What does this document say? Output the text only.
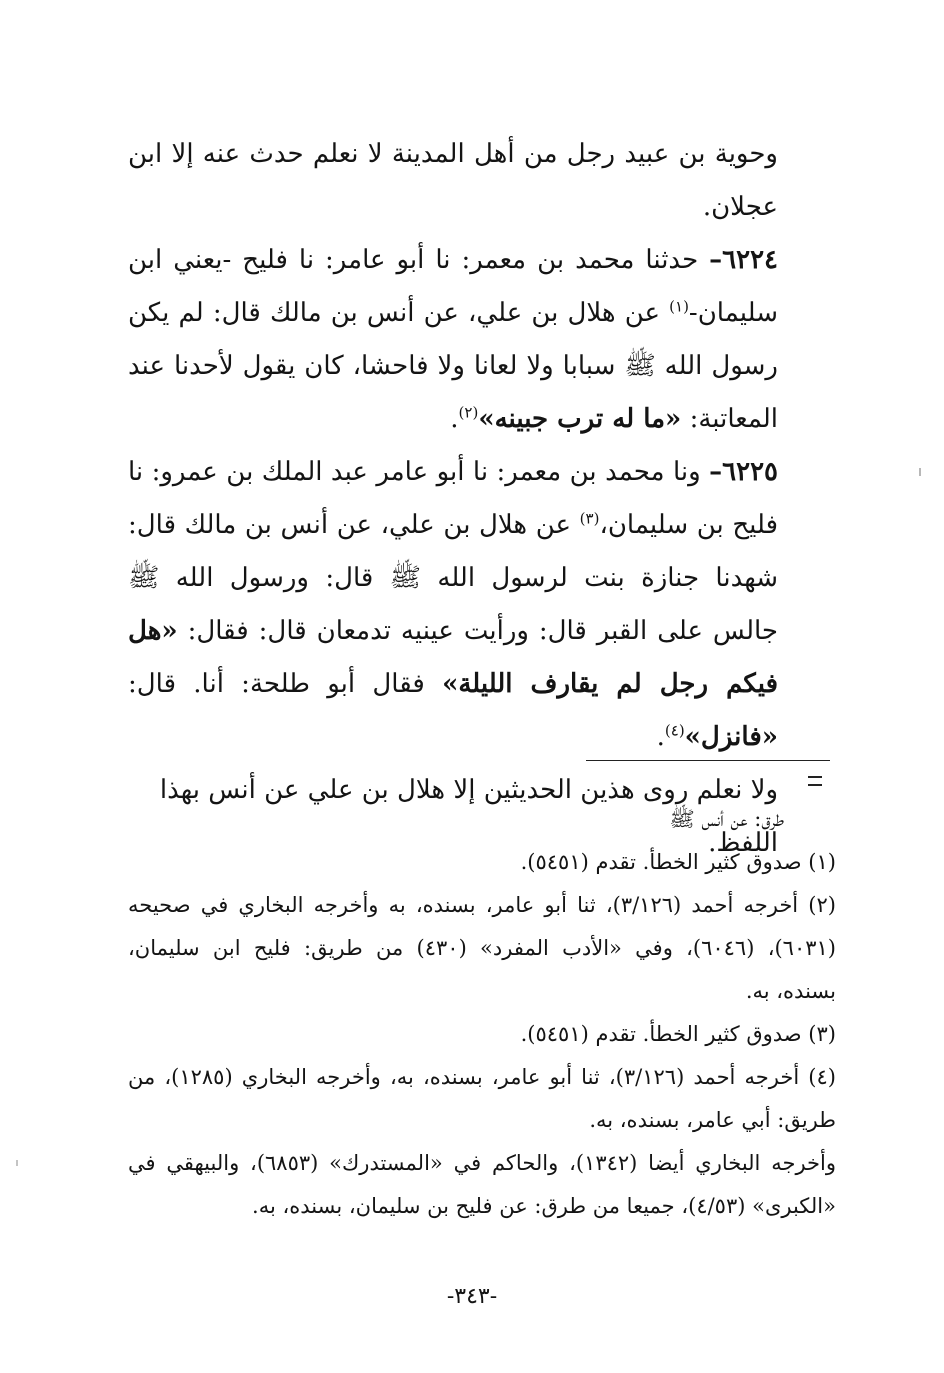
وحوية بن عبيد رجل من أهل المدينة لا نعلم حدث عنه إلا ابن عجلان.

٦٢٢٤– حدثنا محمد بن معمر: نا أبو عامر: نا فليح -يعني ابن سليمان-$^{(١)}$ عن هلال بن علي، عن أنس بن مالك قال: لم يكن رسول الله ﷺ سبابا ولا لعانا ولا فاحشا، كان يقول لأحدنا عند المعاتبة: «ما له ترب جبينه»$^{(٢)}$.

٦٢٢٥– ونا محمد بن معمر: نا أبو عامر عبد الملك بن عمرو: نا فليح بن سليمان،$^{(٣)}$ عن هلال بن علي، عن أنس بن مالك قال: شهدنا جنازة بنت لرسول الله ﷺ قال: ورسول الله ﷺ جالس على القبر قال: ورأيت عينيه تدمعان قال: فقال: «هل فيكم رجل لم يقارف الليلة» فقال أبو طلحة: أنا. قال: «فانزل»$^{(٤)}$.

ولا نعلم روى هذين الحديثين إلا هلال بن علي عن أنس بهذا اللفظ.

طرق: عن أنس ﷺ

(١) صدوق كثير الخطأ. تقدم (٥٤٥١).

(٢) أخرجه أحمد (٣/١٢٦)، ثنا أبو عامر، بسنده، به وأخرجه البخاري في صحيحه (٦٠٣١)، (٦٠٤٦)، وفي «الأدب المفرد» (٤٣٠) من طريق: فليح ابن سليمان، بسنده، به.

(٣) صدوق كثير الخطأ. تقدم (٥٤٥١).

(٤) أخرجه أحمد (٣/١٢٦)، ثنا أبو عامر، بسنده، به، وأخرجه البخاري (١٢٨٥)، من طريق: أبي عامر، بسنده، به.

وأخرجه البخاري أيضا (١٣٤٢)، والحاكم في «المستدرك» (٦٨٥٣)، والبيهقي في «الكبرى» (٤/٥٣)، جميعا من طرق: عن فليح بن سليمان، بسنده، به.

-٣٤٣-
